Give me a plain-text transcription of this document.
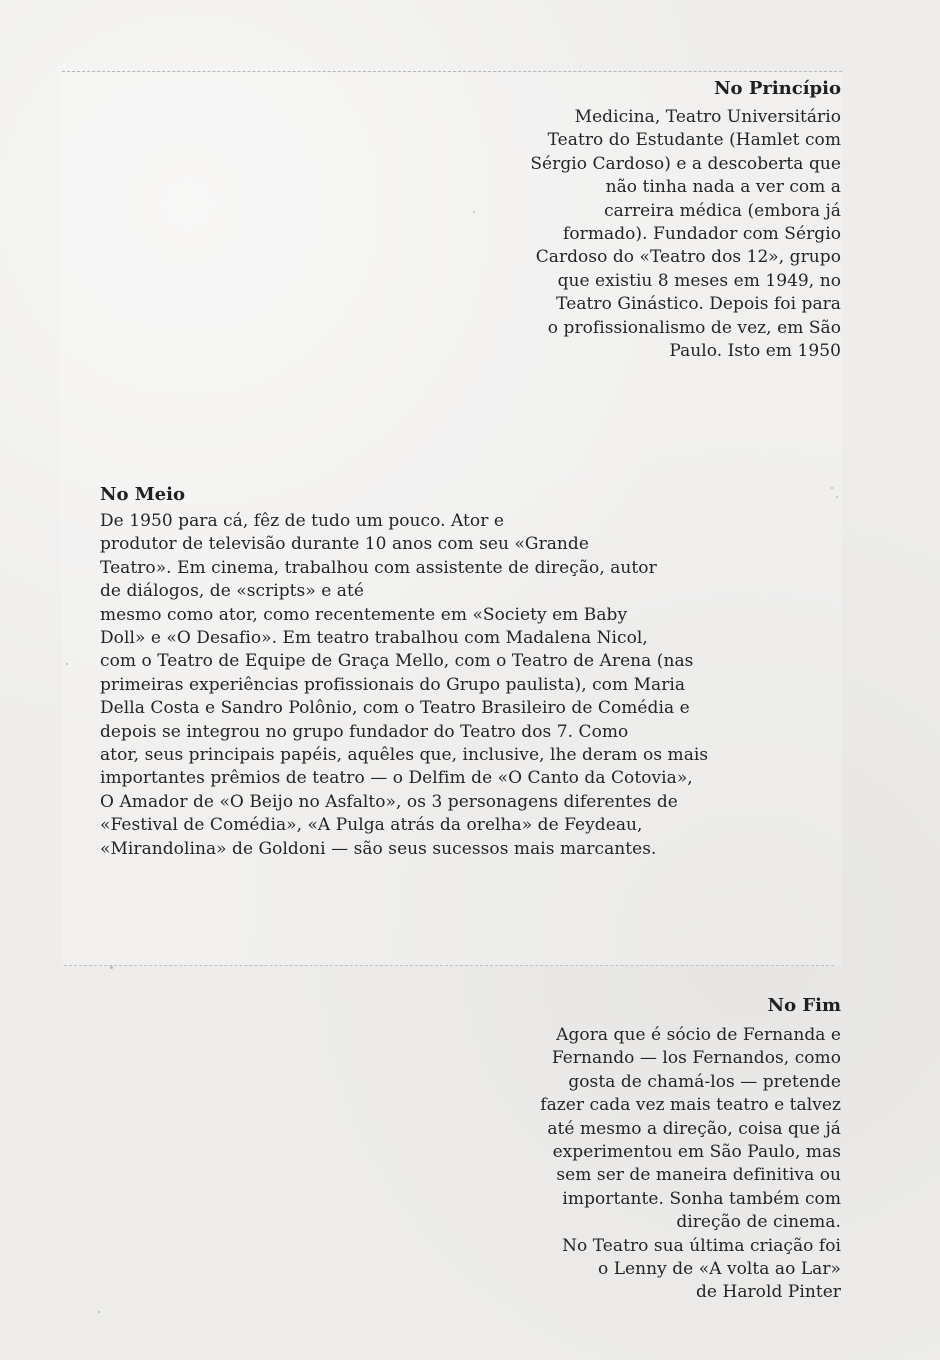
No Princípio

Medicina, Teatro Universitário
Teatro do Estudante (Hamlet com
Sérgio Cardoso) e a descoberta que
não tinha nada a ver com a
carreira médica (embora já
formado). Fundador com Sérgio
Cardoso do «Teatro dos 12», grupo
que existiu 8 meses em 1949, no
Teatro Ginástico. Depois foi para
o profissionalismo de vez, em São
Paulo. Isto em 1950

No Meio

De 1950 para cá, fêz de tudo um pouco. Ator e
produtor de televisão durante 10 anos com seu «Grande
Teatro». Em cinema, trabalhou com assistente de direção, autor
de diálogos, de «scripts» e até
mesmo como ator, como recentemente em «Society em Baby
Doll» e «O Desafio». Em teatro trabalhou com Madalena Nicol,
com o Teatro de Equipe de Graça Mello, com o Teatro de Arena (nas
primeiras experiências profissionais do Grupo paulista), com Maria
Della Costa e Sandro Polônio, com o Teatro Brasileiro de Comédia e
depois se integrou no grupo fundador do Teatro dos 7. Como
ator, seus principais papéis, aquêles que, inclusive, lhe deram os mais
importantes prêmios de teatro — o Delfim de «O Canto da Cotovia»,
O Amador de «O Beijo no Asfalto», os 3 personagens diferentes de
«Festival de Comédia», «A Pulga atrás da orelha» de Feydeau,
«Mirandolina» de Goldoni — são seus sucessos mais marcantes.

No Fim

Agora que é sócio de Fernanda e
Fernando — los Fernandos, como
gosta de chamá-los — pretende
fazer cada vez mais teatro e talvez
até mesmo a direção, coisa que já
experimentou em São Paulo, mas
sem ser de maneira definitiva ou
importante. Sonha também com
direção de cinema.
No Teatro sua última criação foi
o Lenny de «A volta ao Lar»
de Harold Pinter
